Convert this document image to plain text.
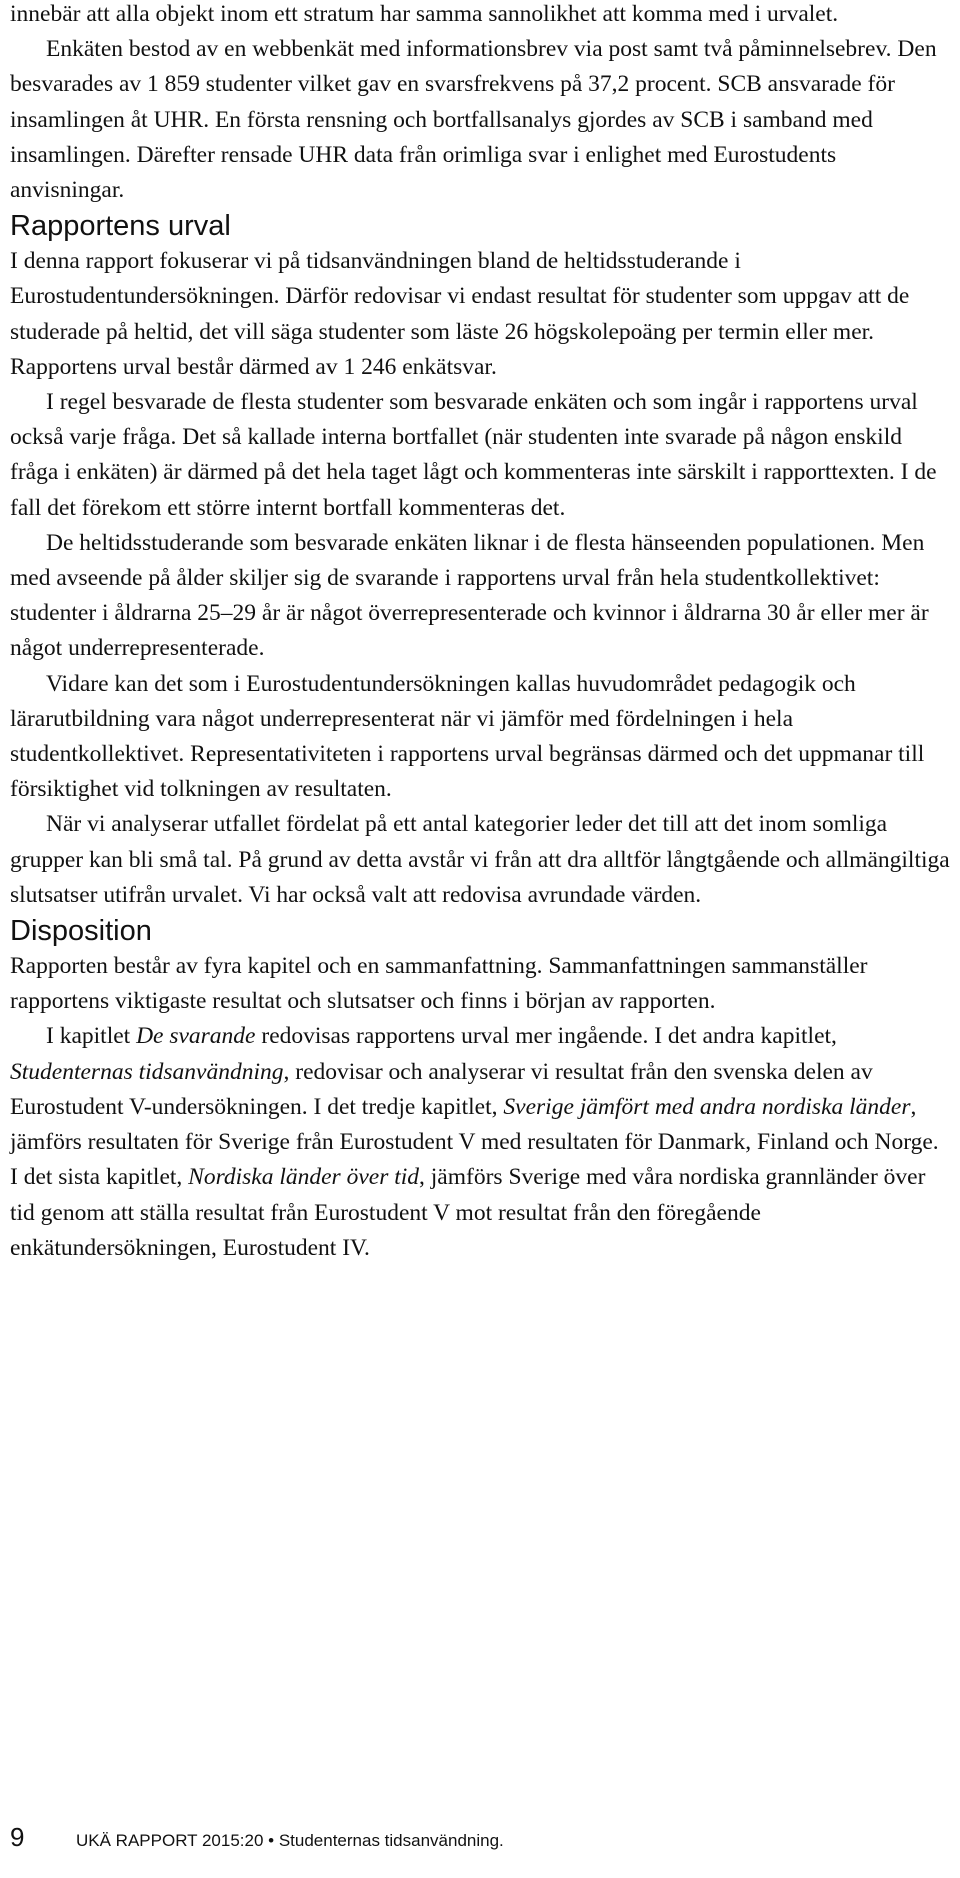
innebär att alla objekt inom ett stratum har samma sannolikhet att komma med i urvalet.

Enkäten bestod av en webbenkät med informationsbrev via post samt två påminnelsebrev. Den besvarades av 1 859 studenter vilket gav en svarsfrekvens på 37,2 procent. SCB ansvarade för insamlingen åt UHR. En första rensning och bortfallsanalys gjordes av SCB i samband med insamlingen. Därefter rensade UHR data från orimliga svar i enlighet med Eurostudents anvisningar.

Rapportens urval

I denna rapport fokuserar vi på tidsanvändningen bland de heltidsstuderande i Eurostudentundersökningen. Därför redovisar vi endast resultat för studenter som uppgav att de studerade på heltid, det vill säga studenter som läste 26 högskolepoäng per termin eller mer. Rapportens urval består därmed av 1 246 enkätsvar.

I regel besvarade de flesta studenter som besvarade enkäten och som ingår i rapportens urval också varje fråga. Det så kallade interna bortfallet (när studenten inte svarade på någon enskild fråga i enkäten) är därmed på det hela taget lågt och kommenteras inte särskilt i rapporttexten. I de fall det förekom ett större internt bortfall kommenteras det.

De heltidsstuderande som besvarade enkäten liknar i de flesta hänseenden populationen. Men med avseende på ålder skiljer sig de svarande i rapportens urval från hela studentkollektivet: studenter i åldrarna 25–29 år är något överrepresenterade och kvinnor i åldrarna 30 år eller mer är något underrepresenterade.

Vidare kan det som i Eurostudentundersökningen kallas huvudområdet pedagogik och lärarutbildning vara något underrepresenterat när vi jämför med fördelningen i hela studentkollektivet. Representativiteten i rapportens urval begränsas därmed och det uppmanar till försiktighet vid tolkningen av resultaten.

När vi analyserar utfallet fördelat på ett antal kategorier leder det till att det inom somliga grupper kan bli små tal. På grund av detta avstår vi från att dra alltför långtgående och allmängiltiga slutsatser utifrån urvalet. Vi har också valt att redovisa avrundade värden.

Disposition

Rapporten består av fyra kapitel och en sammanfattning. Sammanfattningen sammanställer rapportens viktigaste resultat och slutsatser och finns i början av rapporten.

I kapitlet De svarande redovisas rapportens urval mer ingående. I det andra kapitlet, Studenternas tidsanvändning, redovisar och analyserar vi resultat från den svenska delen av Eurostudent V-undersökningen. I det tredje kapitlet, Sverige jämfört med andra nordiska länder, jämförs resultaten för Sverige från Eurostudent V med resultaten för Danmark, Finland och Norge. I det sista kapitlet, Nordiska länder över tid, jämförs Sverige med våra nordiska grannländer över tid genom att ställa resultat från Eurostudent V mot resultat från den föregående enkätundersökningen, Eurostudent IV.

9	UKÄ RAPPORT 2015:20 • Studenternas tidsanvändning.
